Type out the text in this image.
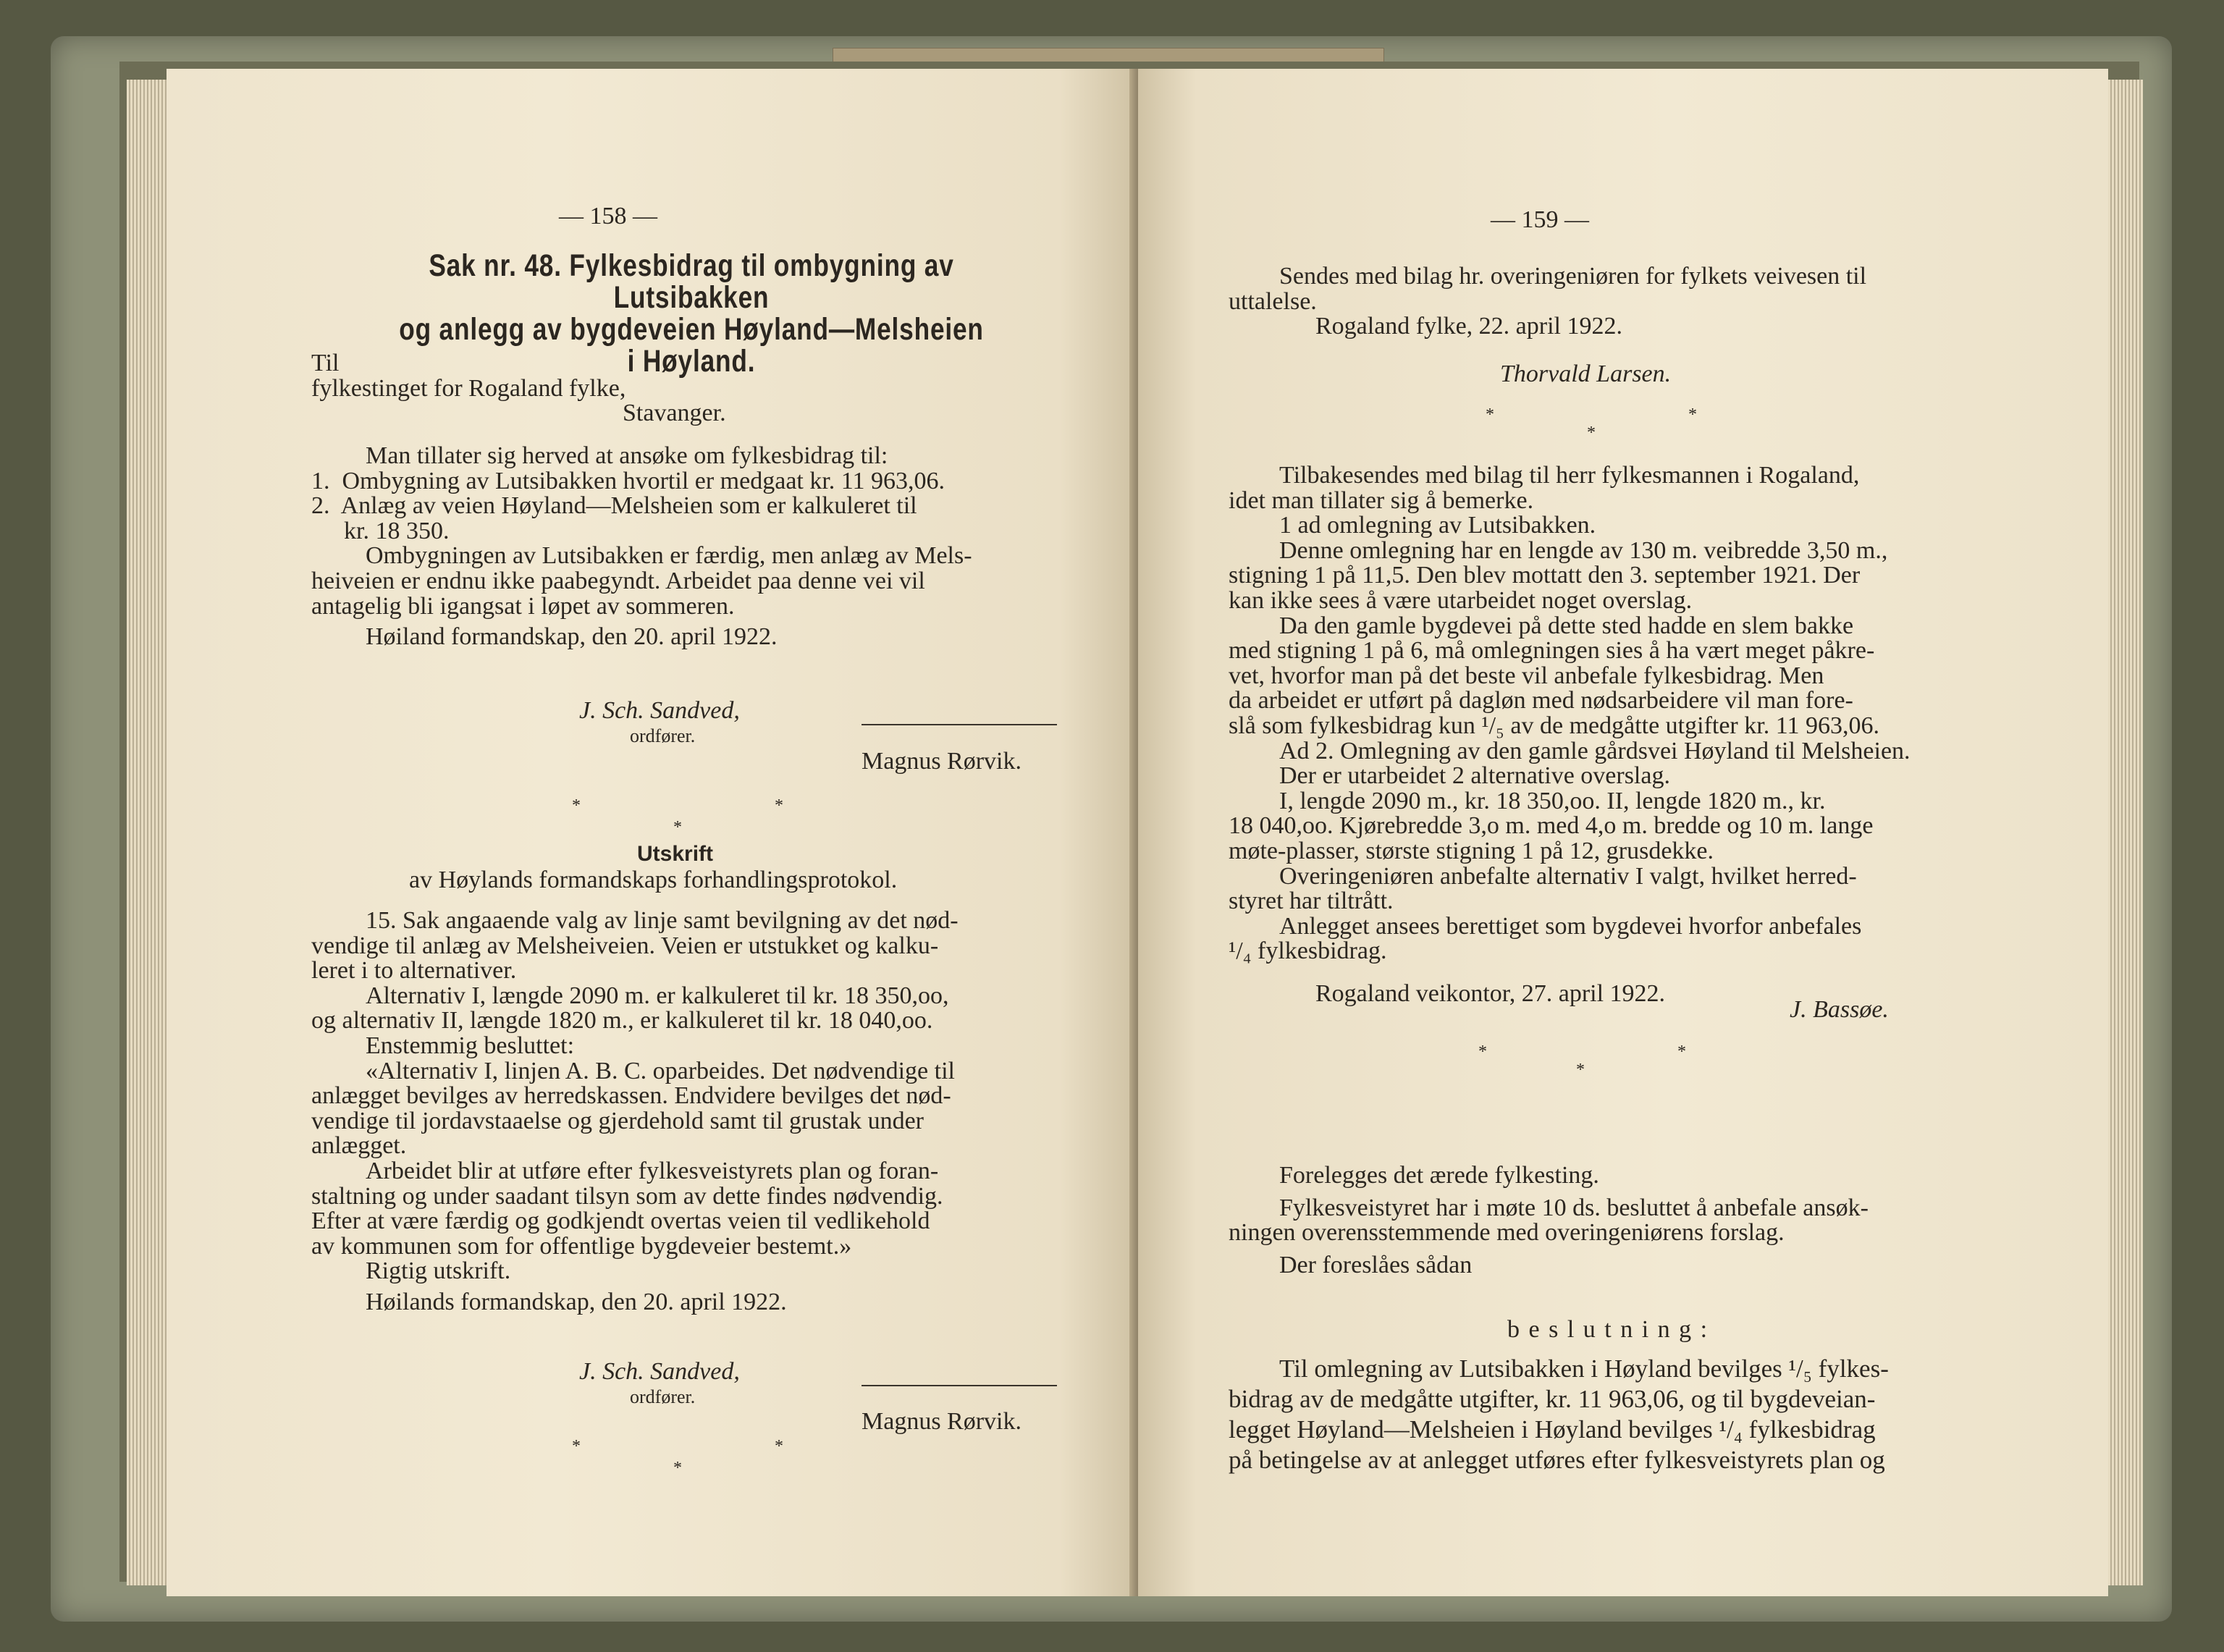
— 158 —
Sak nr. 48. Fylkesbidrag til ombygning av Lutsibakken
og anlegg av bygdeveien Høyland—Melsheien
i Høyland.
Til
fylkestinget for Rogaland fylke,
Stavanger.
Man tillater sig herved at ansøke om fylkesbidrag til:
1.  Ombygning av Lutsibakken hvortil er medgaat kr. 11 963,06.
2.  Anlæg av veien Høyland—Melsheien som er kalkuleret til
kr. 18 350.
Ombygningen av Lutsibakken er færdig, men anlæg av Mels-
heiveien er endnu ikke paabegyndt. Arbeidet paa denne vei vil
antagelig bli igangsat i løpet av sommeren.
Høiland formandskap, den 20. april 1922.
J. Sch. Sandved,
ordfører.
Magnus Rørvik.
*	*
*
Utskrift
av Høylands formandskaps forhandlingsprotokol.
15. Sak angaaende valg av linje samt bevilgning av det nød-
vendige til anlæg av Melsheiveien. Veien er utstukket og kalku-
leret i to alternativer.
Alternativ I, længde 2090 m. er kalkuleret til kr. 18 350,oo,
og alternativ II, længde 1820 m., er kalkuleret til kr. 18 040,oo.
Enstemmig besluttet:
«Alternativ I, linjen A. B. C. oparbeides. Det nødvendige til
anlægget bevilges av herredskassen. Endvidere bevilges det nød-
vendige til jordavstaaelse og gjerdehold samt til grustak under
anlægget.
Arbeidet blir at utføre efter fylkesveistyrets plan og foran-
staltning og under saadant tilsyn som av dette findes nødvendig.
Efter at være færdig og godkjendt overtas veien til vedlikehold
av kommunen som for offentlige bygdeveier bestemt.»
Rigtig utskrift.
Høilands formandskap, den 20. april 1922.
J. Sch. Sandved,
ordfører.
Magnus Rørvik.
*	*
*
— 159 —
Sendes med bilag hr. overingeniøren for fylkets veivesen til
uttalelse.
Rogaland fylke, 22. april 1922.
Thorvald Larsen.
*	*
*
Tilbakesendes med bilag til herr fylkesmannen i Rogaland,
idet man tillater sig å bemerke.
1 ad omlegning av Lutsibakken.
Denne omlegning har en lengde av 130 m. veibredde 3,50 m.,
stigning 1 på 11,5. Den blev mottatt den 3. september 1921. Der
kan ikke sees å være utarbeidet noget overslag.
Da den gamle bygdevei på dette sted hadde en slem bakke
med stigning 1 på 6, må omlegningen sies å ha vært meget påkre-
vet, hvorfor man på det beste vil anbefale fylkesbidrag. Men
da arbeidet er utført på dagløn med nødsarbeidere vil man fore-
slå som fylkesbidrag kun ¹/₅ av de medgåtte utgifter kr. 11 963,06.
Ad 2. Omlegning av den gamle gårdsvei Høyland til Melsheien.
Der er utarbeidet 2 alternative overslag.
I, lengde 2090 m., kr. 18 350,oo. II, lengde 1820 m., kr.
18 040,oo. Kjørebredde 3,o m. med 4,o m. bredde og 10 m. lange
møte-plasser, største stigning 1 på 12, grusdekke.
Overingeniøren anbefalte alternativ I valgt, hvilket herred-
styret har tiltrått.
Anlegget ansees berettiget som bygdevei hvorfor anbefales
¹/₄ fylkesbidrag.
Rogaland veikontor, 27. april 1922.
J. Bassøe.
*	*
*
Forelegges det ærede fylkesting.
Fylkesveistyret har i møte 10 ds. besluttet å anbefale ansøk-
ningen overensstemmende med overingeniørens forslag.
Der foreslåes sådan
b e s l u t n i n g :
Til omlegning av Lutsibakken i Høyland bevilges ¹/₅ fylkes-
bidrag av de medgåtte utgifter, kr. 11 963,06, og til bygdeveian-
legget Høyland—Melsheien i Høyland bevilges ¹/₄ fylkesbidrag
på betingelse av at anlegget utføres efter fylkesveistyrets plan og
